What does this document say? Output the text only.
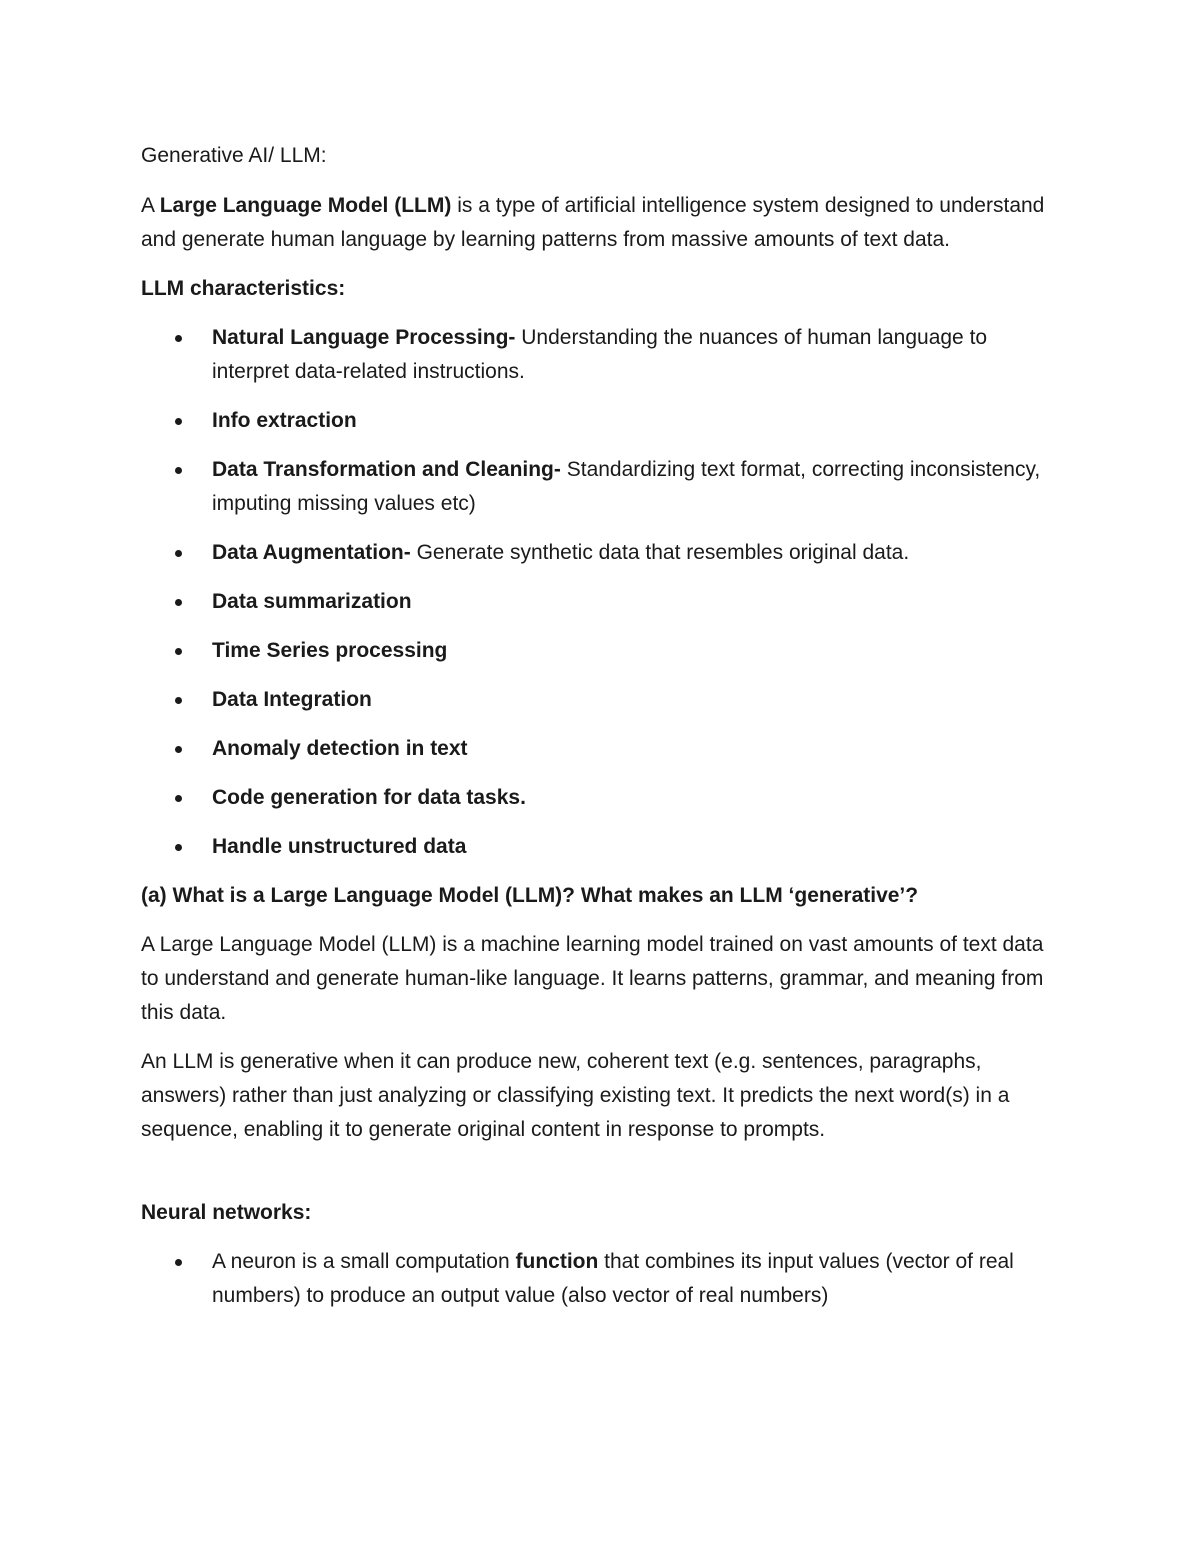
Generative AI/ LLM:

A Large Language Model (LLM) is a type of artificial intelligence system designed to understand and generate human language by learning patterns from massive amounts of text data.

LLM characteristics:

Natural Language Processing- Understanding the nuances of human language to interpret data-related instructions.
Info extraction
Data Transformation and Cleaning- Standardizing text format, correcting inconsistency, imputing missing values etc)
Data Augmentation- Generate synthetic data that resembles original data.
Data summarization
Time Series processing
Data Integration
Anomaly detection in text
Code generation for data tasks.
Handle unstructured data

(a) What is a Large Language Model (LLM)? What makes an LLM ‘generative’?

A Large Language Model (LLM) is a machine learning model trained on vast amounts of text data to understand and generate human-like language. It learns patterns, grammar, and meaning from this data.

An LLM is generative when it can produce new, coherent text (e.g. sentences, paragraphs, answers) rather than just analyzing or classifying existing text. It predicts the next word(s) in a sequence, enabling it to generate original content in response to prompts.

Neural networks:

A neuron is a small computation function that combines its input values (vector of real numbers) to produce an output value (also vector of real numbers)
